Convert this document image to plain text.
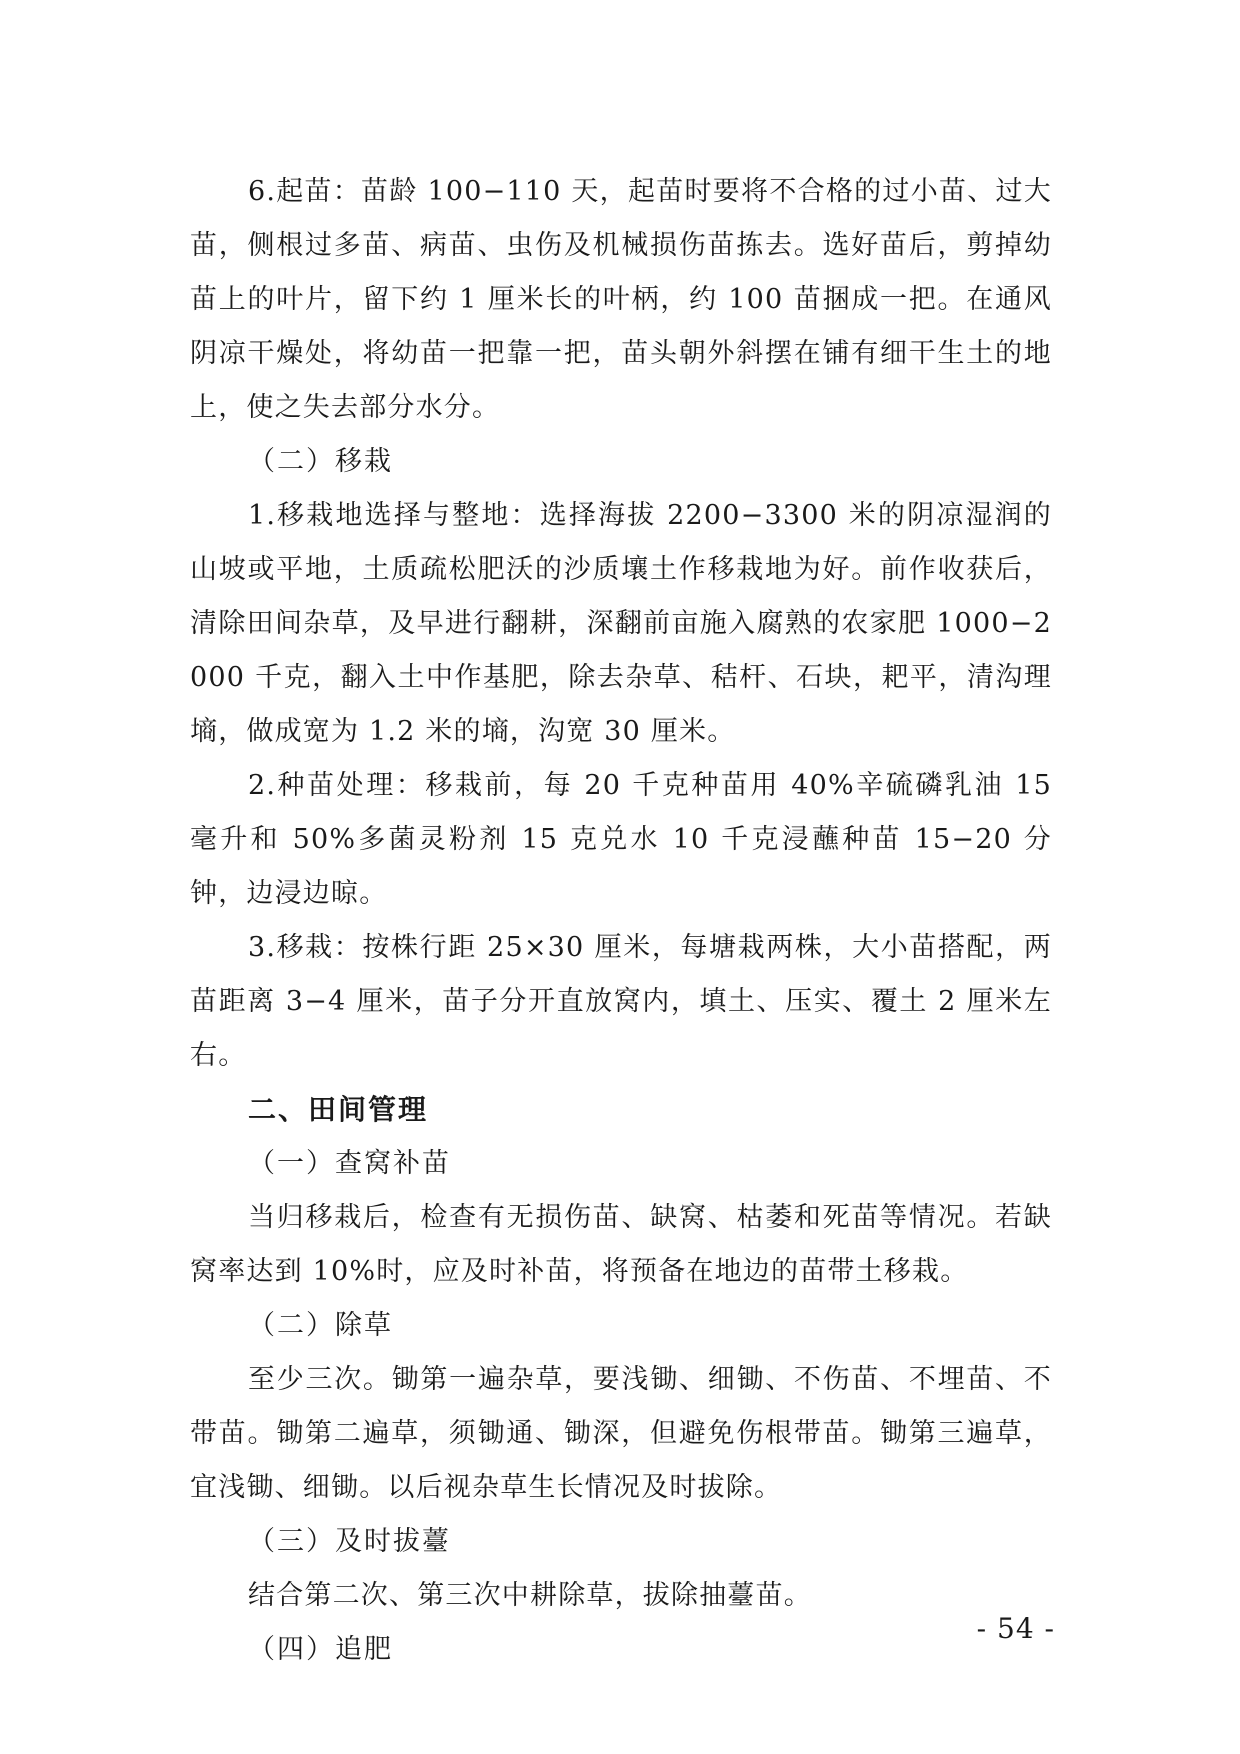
6.起苗：苗龄 100−110 天，起苗时要将不合格的过小苗、过大苗，侧根过多苗、病苗、虫伤及机械损伤苗拣去。选好苗后，剪掉幼苗上的叶片，留下约 1 厘米长的叶柄，约 100 苗捆成一把。在通风阴凉干燥处，将幼苗一把靠一把，苗头朝外斜摆在铺有细干生土的地上，使之失去部分水分。

（二）移栽

1.移栽地选择与整地：选择海拔 2200−3300 米的阴凉湿润的山坡或平地，土质疏松肥沃的沙质壤土作移栽地为好。前作收获后，清除田间杂草，及早进行翻耕，深翻前亩施入腐熟的农家肥 1000−2000 千克，翻入土中作基肥，除去杂草、秸杆、石块，耙平，清沟理墒，做成宽为 1.2 米的墒，沟宽 30 厘米。

2.种苗处理：移栽前，每 20 千克种苗用 40%辛硫磷乳油 15 毫升和 50%多菌灵粉剂 15 克兑水 10 千克浸蘸种苗 15−20 分钟，边浸边晾。

3.移栽：按株行距 25×30 厘米，每塘栽两株，大小苗搭配，两苗距离 3−4 厘米，苗子分开直放窝内，填土、压实、覆土 2 厘米左右。

二、田间管理

（一）查窝补苗

当归移栽后，检查有无损伤苗、缺窝、枯萎和死苗等情况。若缺窝率达到 10%时，应及时补苗，将预备在地边的苗带土移栽。

（二）除草

至少三次。锄第一遍杂草，要浅锄、细锄、不伤苗、不埋苗、不带苗。锄第二遍草，须锄通、锄深，但避免伤根带苗。锄第三遍草，宜浅锄、细锄。以后视杂草生长情况及时拔除。

（三）及时拔薹

结合第二次、第三次中耕除草，拔除抽薹苗。

（四）追肥

- 54 -
